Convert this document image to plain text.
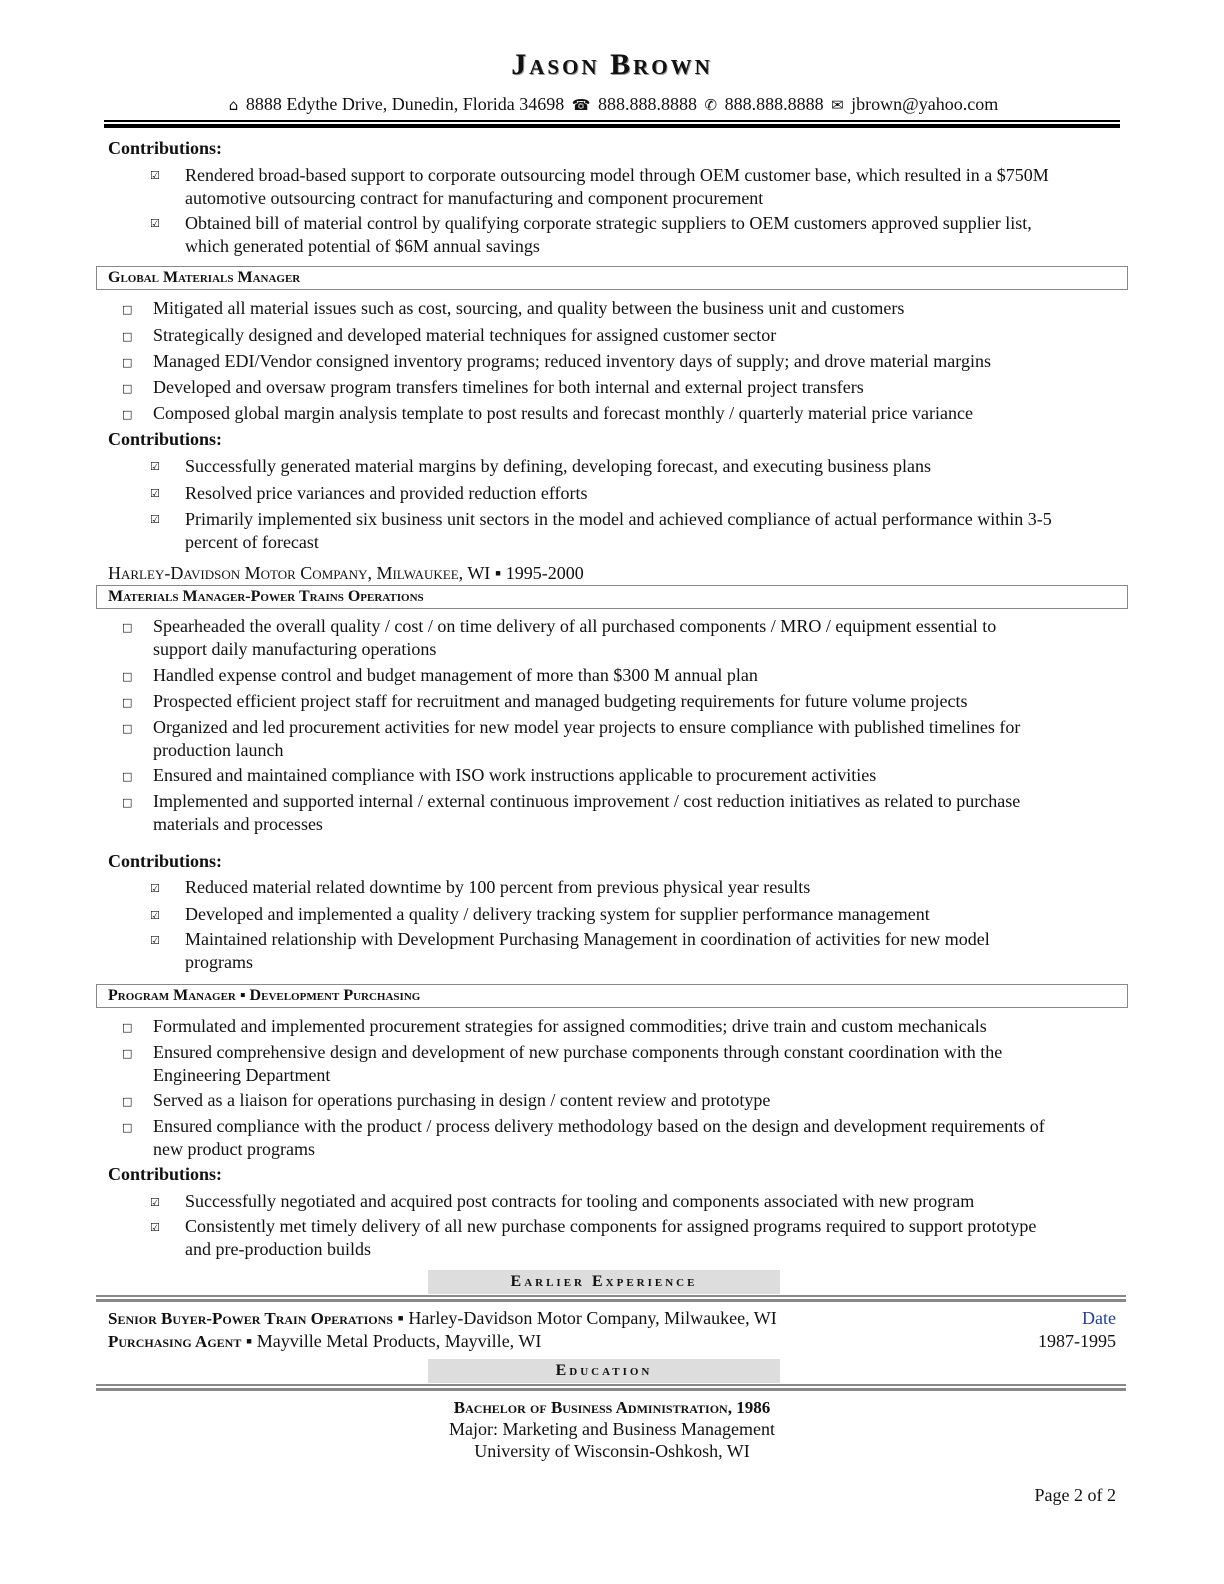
Jason Brown
⌂ 8888 Edythe Drive, Dunedin, Florida 34698 ☎ 888.888.8888 ✆ 888.888.8888 ✉ jbrown@yahoo.com
Contributions:
☑ Rendered broad-based support to corporate outsourcing model through OEM customer base, which resulted in a $750M
automotive outsourcing contract for manufacturing and component procurement
☑ Obtained bill of material control by qualifying corporate strategic suppliers to OEM customers approved supplier list,
which generated potential of $6M annual savings
Global Materials Manager
□ Mitigated all material issues such as cost, sourcing, and quality between the business unit and customers
□ Strategically designed and developed material techniques for assigned customer sector
□ Managed EDI/Vendor consigned inventory programs; reduced inventory days of supply; and drove material margins
□ Developed and oversaw program transfers timelines for both internal and external project transfers
□ Composed global margin analysis template to post results and forecast monthly / quarterly material price variance
Contributions:
☑ Successfully generated material margins by defining, developing forecast, and executing business plans
☑ Resolved price variances and provided reduction efforts
☑ Primarily implemented six business unit sectors in the model and achieved compliance of actual performance within 3-5
percent of forecast
Harley-Davidson Motor Company, Milwaukee, WI ▪ 1995-2000
Materials Manager-Power Trains Operations
□ Spearheaded the overall quality / cost / on time delivery of all purchased components / MRO / equipment essential to
support daily manufacturing operations
□ Handled expense control and budget management of more than $300 M annual plan
□ Prospected efficient project staff for recruitment and managed budgeting requirements for future volume projects
□ Organized and led procurement activities for new model year projects to ensure compliance with published timelines for
production launch
□ Ensured and maintained compliance with ISO work instructions applicable to procurement activities
□ Implemented and supported internal / external continuous improvement / cost reduction initiatives as related to purchase
materials and processes
Contributions:
☑ Reduced material related downtime by 100 percent from previous physical year results
☑ Developed and implemented a quality / delivery tracking system for supplier performance management
☑ Maintained relationship with Development Purchasing Management in coordination of activities for new model
programs
Program Manager ▪ Development Purchasing
□ Formulated and implemented procurement strategies for assigned commodities; drive train and custom mechanicals
□ Ensured comprehensive design and development of new purchase components through constant coordination with the
Engineering Department
□ Served as a liaison for operations purchasing in design / content review and prototype
□ Ensured compliance with the product / process delivery methodology based on the design and development requirements of
new product programs
Contributions:
☑ Successfully negotiated and acquired post contracts for tooling and components associated with new program
☑ Consistently met timely delivery of all new purchase components for assigned programs required to support prototype
and pre-production builds
Earlier Experience
Senior Buyer-Power Train Operations ▪ Harley-Davidson Motor Company, Milwaukee, WI	Date
Purchasing Agent ▪ Mayville Metal Products, Mayville, WI	1987-1995
Education
Bachelor of Business Administration, 1986
Major: Marketing and Business Management
University of Wisconsin-Oshkosh, WI
Page 2 of 2
